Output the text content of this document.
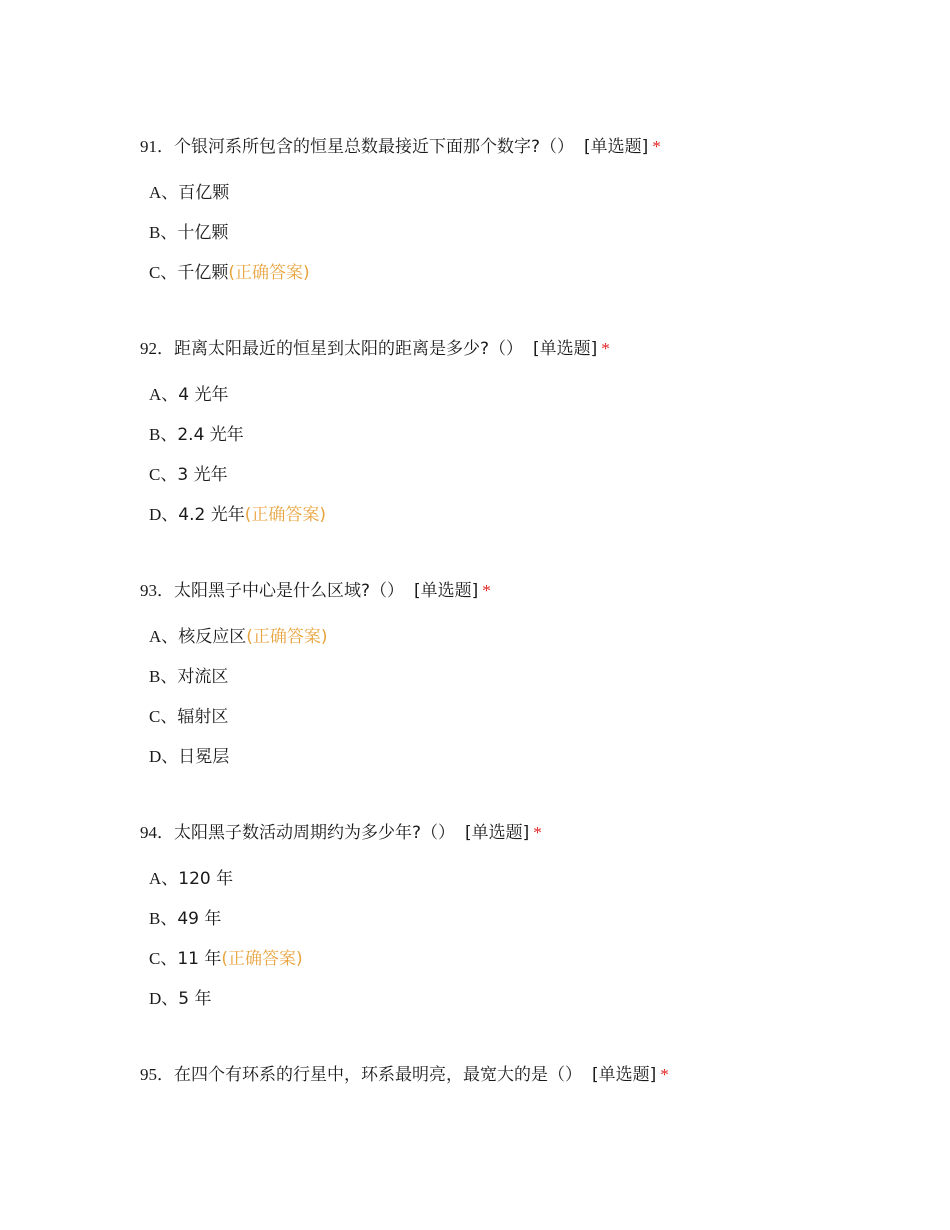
91．个银河系所包含的恒星总数最接近下面那个数字?（） [单选题] *

A、百亿颗
B、十亿颗
C、千亿颗(正确答案)

92．距离太阳最近的恒星到太阳的距离是多少?（） [单选题] *

A、4 光年
B、2.4 光年
C、3 光年
D、4.2 光年(正确答案)

93．太阳黑子中心是什么区域?（） [单选题] *

A、核反应区(正确答案)
B、对流区
C、辐射区
D、日冕层

94．太阳黑子数活动周期约为多少年?（） [单选题] *

A、120 年
B、49 年
C、11 年(正确答案)
D、5 年

95．在四个有环系的行星中，环系最明亮，最宽大的是（） [单选题] *
